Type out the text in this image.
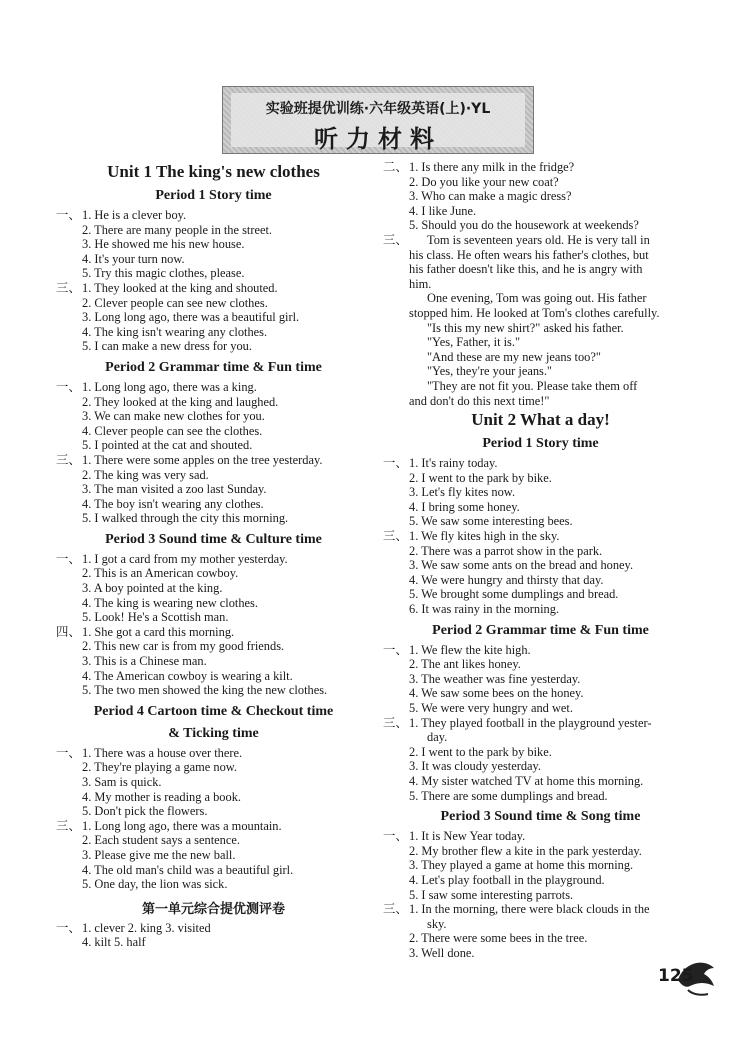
实验班提优训练·六年级英语(上)·YL
听力材料
Unit 1 The king's new clothes
Period 1 Story time
一、1. He is a clever boy.
2. There are many people in the street.
3. He showed me his new house.
4. It's your turn now.
5. Try this magic clothes, please.
三、1. They looked at the king and shouted.
2. Clever people can see new clothes.
3. Long long ago, there was a beautiful girl.
4. The king isn't wearing any clothes.
5. I can make a new dress for you.
Period 2 Grammar time & Fun time
一、1. Long long ago, there was a king.
2. They looked at the king and laughed.
3. We can make new clothes for you.
4. Clever people can see the clothes.
5. I pointed at the cat and shouted.
三、1. There were some apples on the tree yesterday.
2. The king was very sad.
3. The man visited a zoo last Sunday.
4. The boy isn't wearing any clothes.
5. I walked through the city this morning.
Period 3 Sound time & Culture time
一、1. I got a card from my mother yesterday.
2. This is an American cowboy.
3. A boy pointed at the king.
4. The king is wearing new clothes.
5. Look! He's a Scottish man.
四、1. She got a card this morning.
2. This new car is from my good friends.
3. This is a Chinese man.
4. The American cowboy is wearing a kilt.
5. The two men showed the king the new clothes.
Period 4 Cartoon time & Checkout time
& Ticking time
一、1. There was a house over there.
2. They're playing a game now.
3. Sam is quick.
4. My mother is reading a book.
5. Don't pick the flowers.
三、1. Long long ago, there was a mountain.
2. Each student says a sentence.
3. Please give me the new ball.
4. The old man's child was a beautiful girl.
5. One day, the lion was sick.
第一单元综合提优测评卷
一、1. clever 2. king 3. visited
4. kilt 5. half
二、1. Is there any milk in the fridge?
2. Do you like your new coat?
3. Who can make a magic dress?
4. I like June.
5. Should you do the housework at weekends?
三、 Tom is seventeen years old. He is very tall in
his class. He often wears his father's clothes, but
his father doesn't like this, and he is angry with
him.
One evening, Tom was going out. His father
stopped him. He looked at Tom's clothes carefully.
"Is this my new shirt?" asked his father.
"Yes, Father, it is."
"And these are my new jeans too?"
"Yes, they're your jeans."
"They are not fit you. Please take them off
and don't do this next time!"
Unit 2 What a day!
Period 1 Story time
一、1. It's rainy today.
2. I went to the park by bike.
3. Let's fly kites now.
4. I bring some honey.
5. We saw some interesting bees.
三、1. We fly kites high in the sky.
2. There was a parrot show in the park.
3. We saw some ants on the bread and honey.
4. We were hungry and thirsty that day.
5. We brought some dumplings and bread.
6. It was rainy in the morning.
Period 2 Grammar time & Fun time
一、1. We flew the kite high.
2. The ant likes honey.
3. The weather was fine yesterday.
4. We saw some bees on the honey.
5. We were very hungry and wet.
三、1. They played football in the playground yester-
day.
2. I went to the park by bike.
3. It was cloudy yesterday.
4. My sister watched TV at home this morning.
5. There are some dumplings and bread.
Period 3 Sound time & Song time
一、1. It is New Year today.
2. My brother flew a kite in the park yesterday.
3. They played a game at home this morning.
4. Let's play football in the playground.
5. I saw some interesting parrots.
三、1. In the morning, there were black clouds in the
sky.
2. There were some bees in the tree.
3. Well done.
125
